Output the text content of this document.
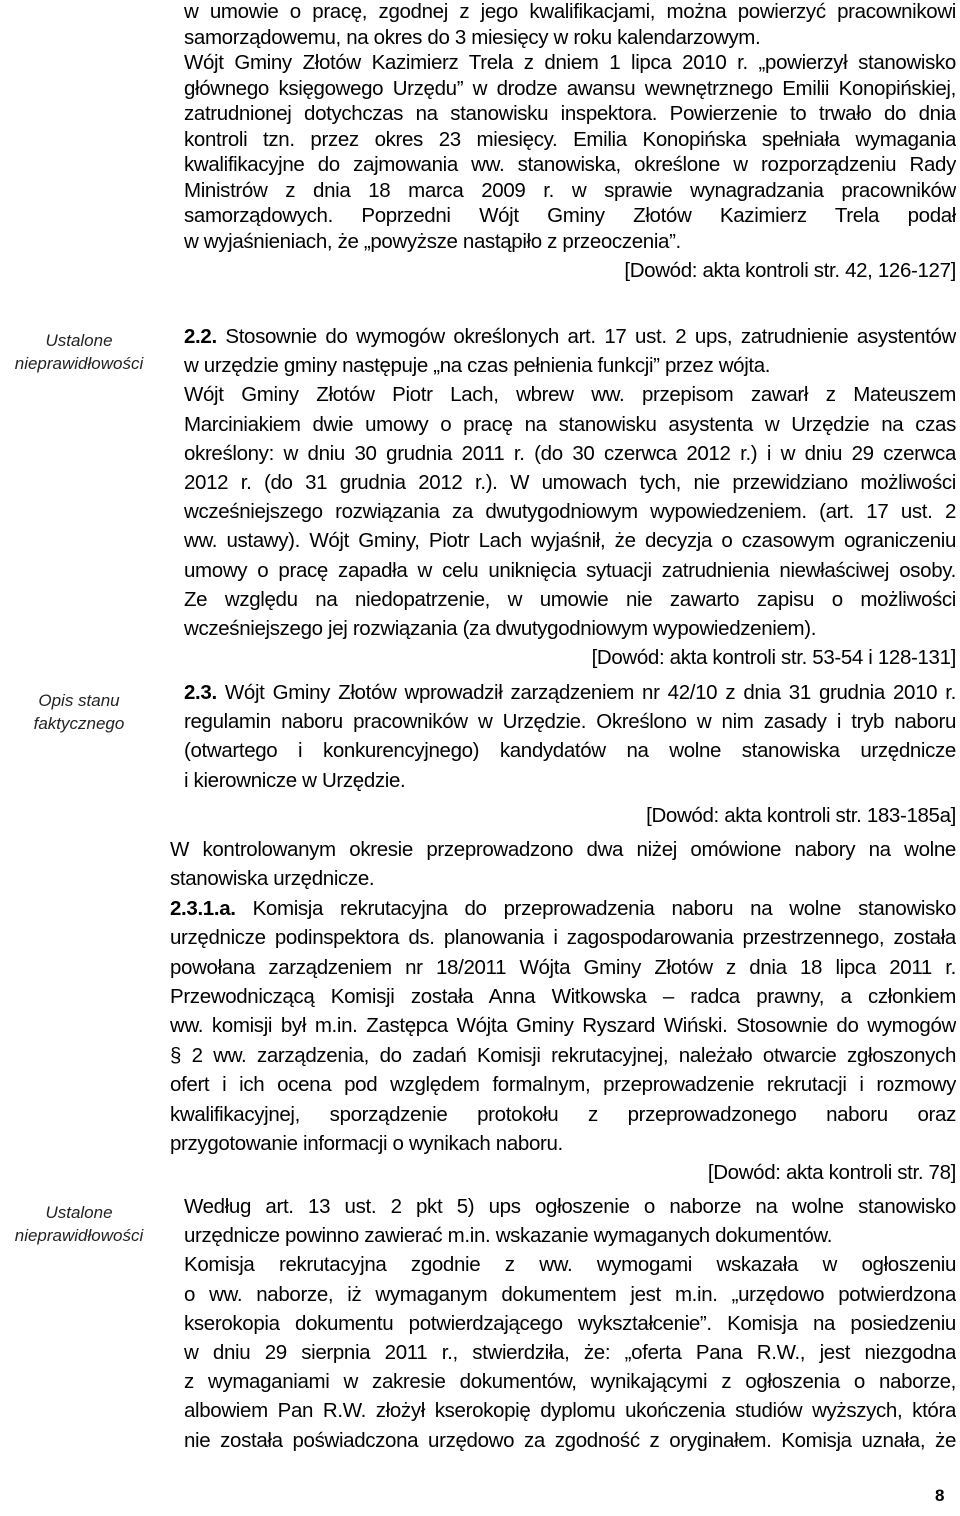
Ustalone
nieprawidłowości
Opis stanu
faktycznego
Ustalone
nieprawidłowości
w umowie o pracę, zgodnej z jego kwalifikacjami, można powierzyć pracownikowi
samorządowemu, na okres do 3 miesięcy w roku kalendarzowym.
Wójt Gminy Złotów Kazimierz Trela z dniem 1 lipca 2010 r. „powierzył stanowisko
głównego księgowego Urzędu” w drodze awansu wewnętrznego Emilii Konopińskiej,
zatrudnionej dotychczas na stanowisku inspektora. Powierzenie to trwało do dnia
kontroli tzn. przez okres 23 miesięcy. Emilia Konopińska spełniała wymagania
kwalifikacyjne do zajmowania ww. stanowiska, określone w rozporządzeniu Rady
Ministrów z dnia 18 marca 2009 r. w sprawie wynagradzania pracowników
samorządowych. Poprzedni Wójt Gminy Złotów Kazimierz Trela podał
w wyjaśnieniach, że „powyższe nastąpiło z przeoczenia”.
[Dowód: akta kontroli str. 42, 126-127]
2.2. Stosownie do wymogów określonych art. 17 ust. 2 ups, zatrudnienie asystentów
w urzędzie gminy następuje „na czas pełnienia funkcji” przez wójta.
Wójt Gminy Złotów Piotr Lach, wbrew ww. przepisom zawarł z Mateuszem
Marciniakiem dwie umowy o pracę na stanowisku asystenta w Urzędzie na czas
określony: w dniu 30 grudnia 2011 r. (do 30 czerwca 2012 r.) i w dniu 29 czerwca
2012 r. (do 31 grudnia 2012 r.). W umowach tych, nie przewidziano możliwości
wcześniejszego rozwiązania za dwutygodniowym wypowiedzeniem. (art. 17 ust. 2
ww. ustawy). Wójt Gminy, Piotr Lach wyjaśnił, że decyzja o czasowym ograniczeniu
umowy o pracę zapadła w celu uniknięcia sytuacji zatrudnienia niewłaściwej osoby.
Ze względu na niedopatrzenie, w umowie nie zawarto zapisu o możliwości
wcześniejszego jej rozwiązania (za dwutygodniowym wypowiedzeniem).
[Dowód: akta kontroli str. 53-54 i 128-131]
2.3. Wójt Gminy Złotów wprowadził zarządzeniem nr 42/10 z dnia 31 grudnia 2010 r.
regulamin naboru pracowników w Urzędzie. Określono w nim zasady i tryb naboru
(otwartego i konkurencyjnego) kandydatów na wolne stanowiska urzędnicze
i kierownicze w Urzędzie.
[Dowód: akta kontroli str. 183-185a]
W kontrolowanym okresie przeprowadzono dwa niżej omówione nabory na wolne
stanowiska urzędnicze.
2.3.1.a. Komisja rekrutacyjna do przeprowadzenia naboru na wolne stanowisko
urzędnicze podinspektora ds. planowania i zagospodarowania przestrzennego, została
powołana zarządzeniem nr 18/2011 Wójta Gminy Złotów z dnia 18 lipca 2011 r.
Przewodniczącą Komisji została Anna Witkowska – radca prawny, a członkiem
ww. komisji był m.in. Zastępca Wójta Gminy Ryszard Wiński. Stosownie do wymogów
§ 2 ww. zarządzenia, do zadań Komisji rekrutacyjnej, należało otwarcie zgłoszonych
ofert i ich ocena pod względem formalnym, przeprowadzenie rekrutacji i rozmowy
kwalifikacyjnej, sporządzenie protokołu z przeprowadzonego naboru oraz
przygotowanie informacji o wynikach naboru.
[Dowód: akta kontroli str. 78]
Według art. 13 ust. 2 pkt 5) ups ogłoszenie o naborze na wolne stanowisko
urzędnicze powinno zawierać m.in. wskazanie wymaganych dokumentów.
Komisja rekrutacyjna zgodnie z ww. wymogami wskazała w ogłoszeniu
o ww. naborze, iż wymaganym dokumentem jest m.in. „urzędowo potwierdzona
kserokopia dokumentu potwierdzającego wykształcenie”. Komisja na posiedzeniu
w dniu 29 sierpnia 2011 r., stwierdziła, że: „oferta Pana R.W., jest niezgodna
z wymaganiami w zakresie dokumentów, wynikającymi z ogłoszenia o naborze,
albowiem Pan R.W. złożył kserokopię dyplomu ukończenia studiów wyższych, która
nie została poświadczona urzędowo za zgodność z oryginałem. Komisja uznała, że
8
